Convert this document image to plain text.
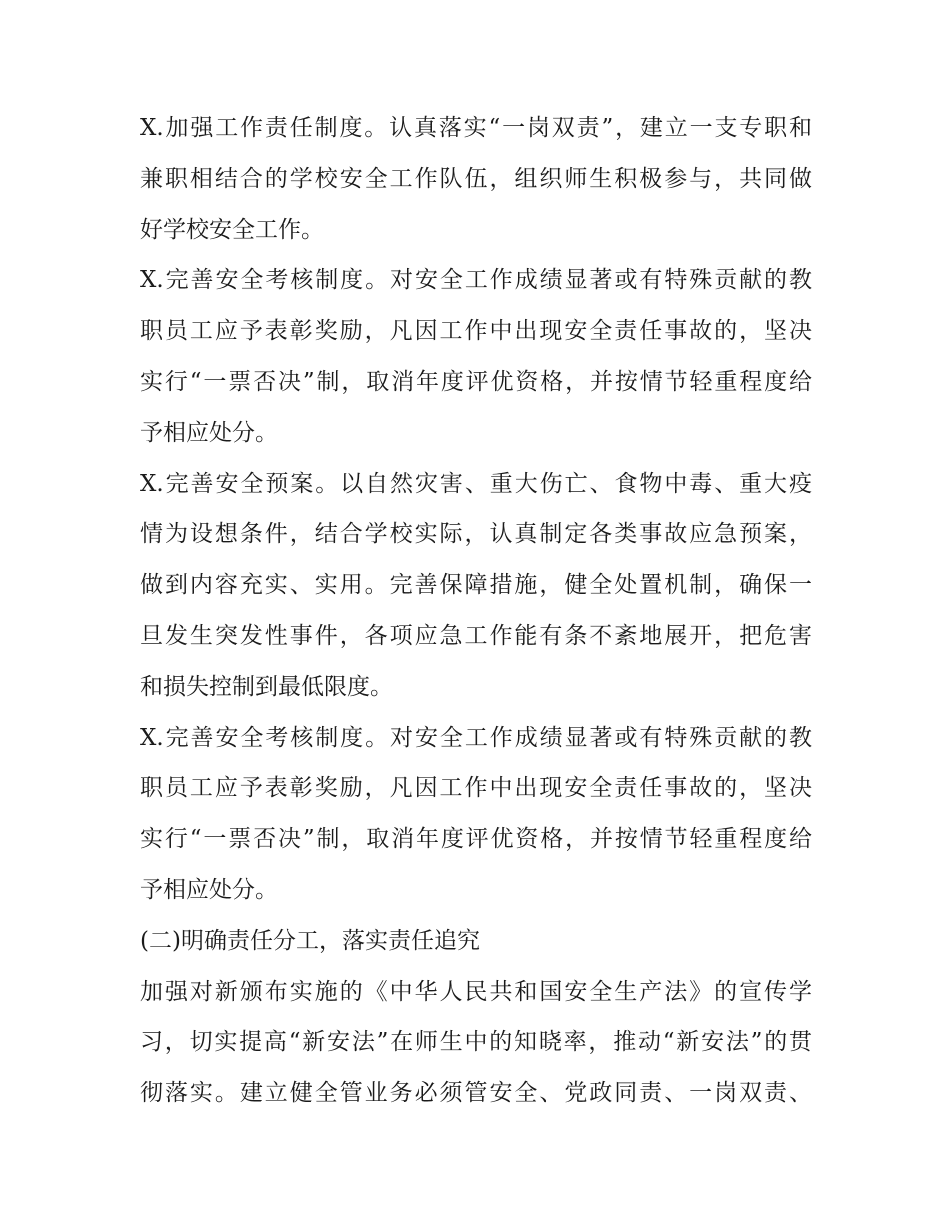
X.加强工作责任制度。认真落实“一岗双责”，建立一支专职和
兼职相结合的学校安全工作队伍，组织师生积极参与，共同做
好学校安全工作。
X.完善安全考核制度。对安全工作成绩显著或有特殊贡献的教
职员工应予表彰奖励，凡因工作中出现安全责任事故的，坚决
实行“一票否决”制，取消年度评优资格，并按情节轻重程度给
予相应处分。
X.完善安全预案。以自然灾害、重大伤亡、食物中毒、重大疫
情为设想条件，结合学校实际，认真制定各类事故应急预案，
做到内容充实、实用。完善保障措施，健全处置机制，确保一
旦发生突发性事件，各项应急工作能有条不紊地展开，把危害
和损失控制到最低限度。
X.完善安全考核制度。对安全工作成绩显著或有特殊贡献的教
职员工应予表彰奖励，凡因工作中出现安全责任事故的，坚决
实行“一票否决”制，取消年度评优资格，并按情节轻重程度给
予相应处分。
(二)明确责任分工，落实责任追究
加强对新颁布实施的《中华人民共和国安全生产法》的宣传学
习，切实提高“新安法”在师生中的知晓率，推动“新安法”的贯
彻落实。建立健全管业务必须管安全、党政同责、一岗双责、
